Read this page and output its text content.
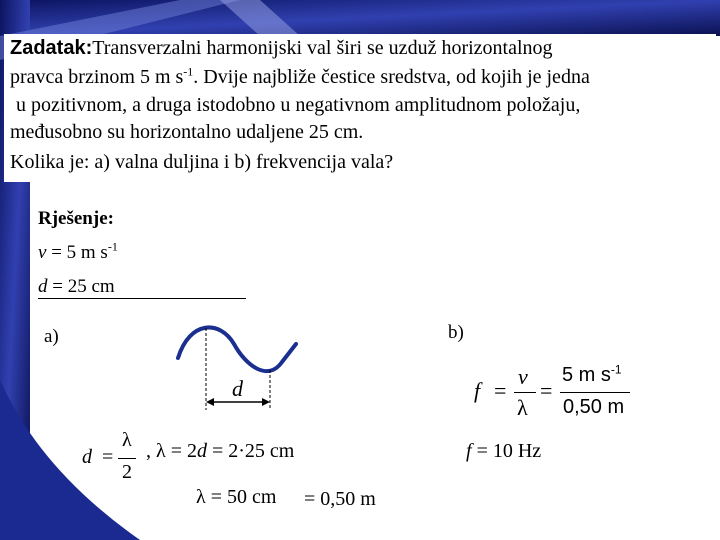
Zadatak:Transverzalni harmonijski val širi se uzduž horizontalnog
pravca brzinom 5 m $s^{-1}$. Dvije najbliže čestice sredstva, od kojih je jedna
u pozitivnom, a druga istodobno u negativnom amplitudnom položaju,
međusobno su horizontalno udaljene 25 cm.
Kolika je: a) valna duljina i b) frekvencija vala?
Rješenje:
v = 5 m $s^{-1}$
d = 25 cm
a)	b)
d
d =
λ
2
, λ = 2d = 2·25 cm
λ = 50 cm = 0,50 m
f =
v
λ
=
5 m $s^{-1}$
0,50 m
f = 10 Hz
